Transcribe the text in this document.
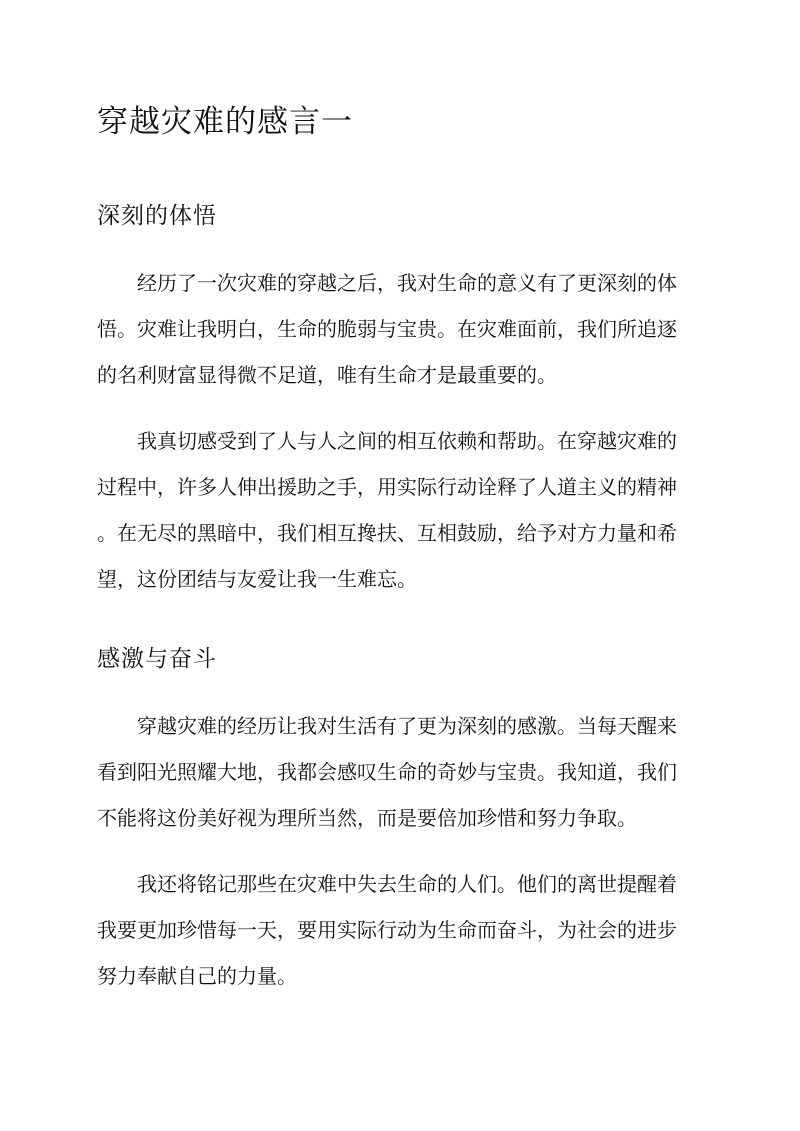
穿越灾难的感言一
深刻的体悟
经历了一次灾难的穿越之后，我对生命的意义有了更深刻的体
悟。灾难让我明白，生命的脆弱与宝贵。在灾难面前，我们所追逐
的名利财富显得微不足道，唯有生命才是最重要的。
我真切感受到了人与人之间的相互依赖和帮助。在穿越灾难的
过程中，许多人伸出援助之手，用实际行动诠释了人道主义的精神
。在无尽的黑暗中，我们相互搀扶、互相鼓励，给予对方力量和希
望，这份团结与友爱让我一生难忘。
感激与奋斗
穿越灾难的经历让我对生活有了更为深刻的感激。当每天醒来
看到阳光照耀大地，我都会感叹生命的奇妙与宝贵。我知道，我们
不能将这份美好视为理所当然，而是要倍加珍惜和努力争取。
我还将铭记那些在灾难中失去生命的人们。他们的离世提醒着
我要更加珍惜每一天，要用实际行动为生命而奋斗，为社会的进步
努力奉献自己的力量。
